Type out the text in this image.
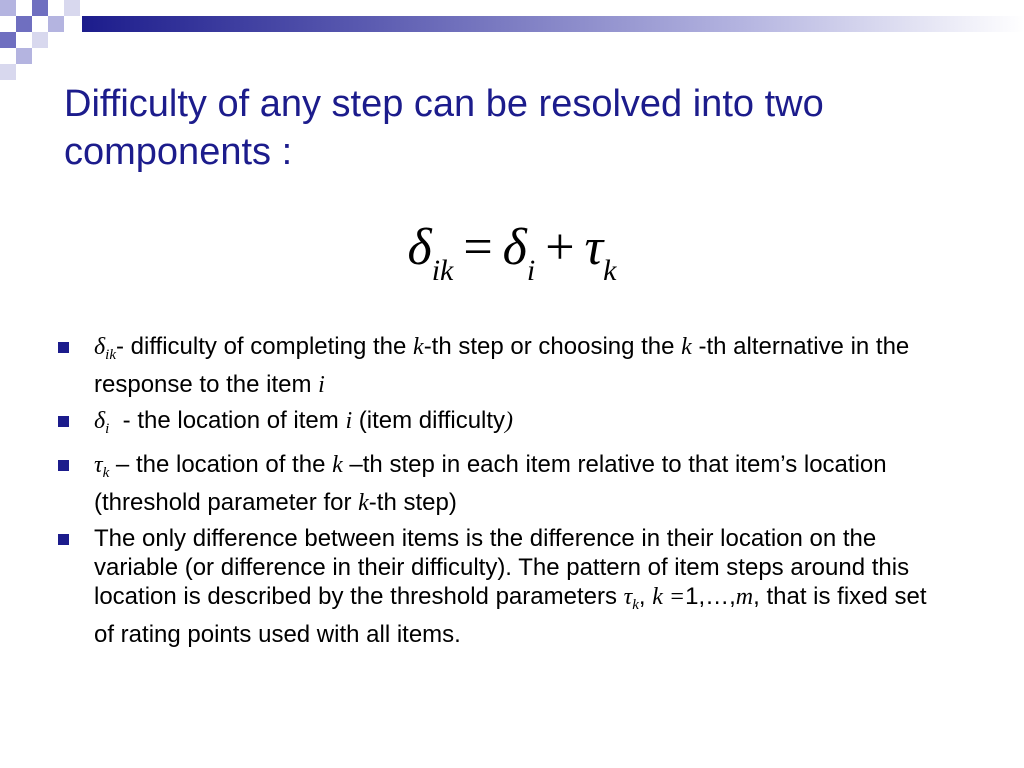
Difficulty of any step can be resolved into two components :
$\delta_{ik} = \delta_i + \tau_k$
$\delta_{ik}-$ difficulty of completing the k-th step or choosing the k -th alternative in the response to the item i
$\delta_i$  - the location of item i (item difficulty)
$\tau_k$ – the location of the k –th step in each item relative to that item’s location (threshold parameter for k-th step)
The only difference between items is the difference in their location on the variable (or difference in their difficulty). The pattern of item steps around this location is described by the threshold parameters $\tau_k$, k =1,…,m, that is fixed set of rating points used with all items.
